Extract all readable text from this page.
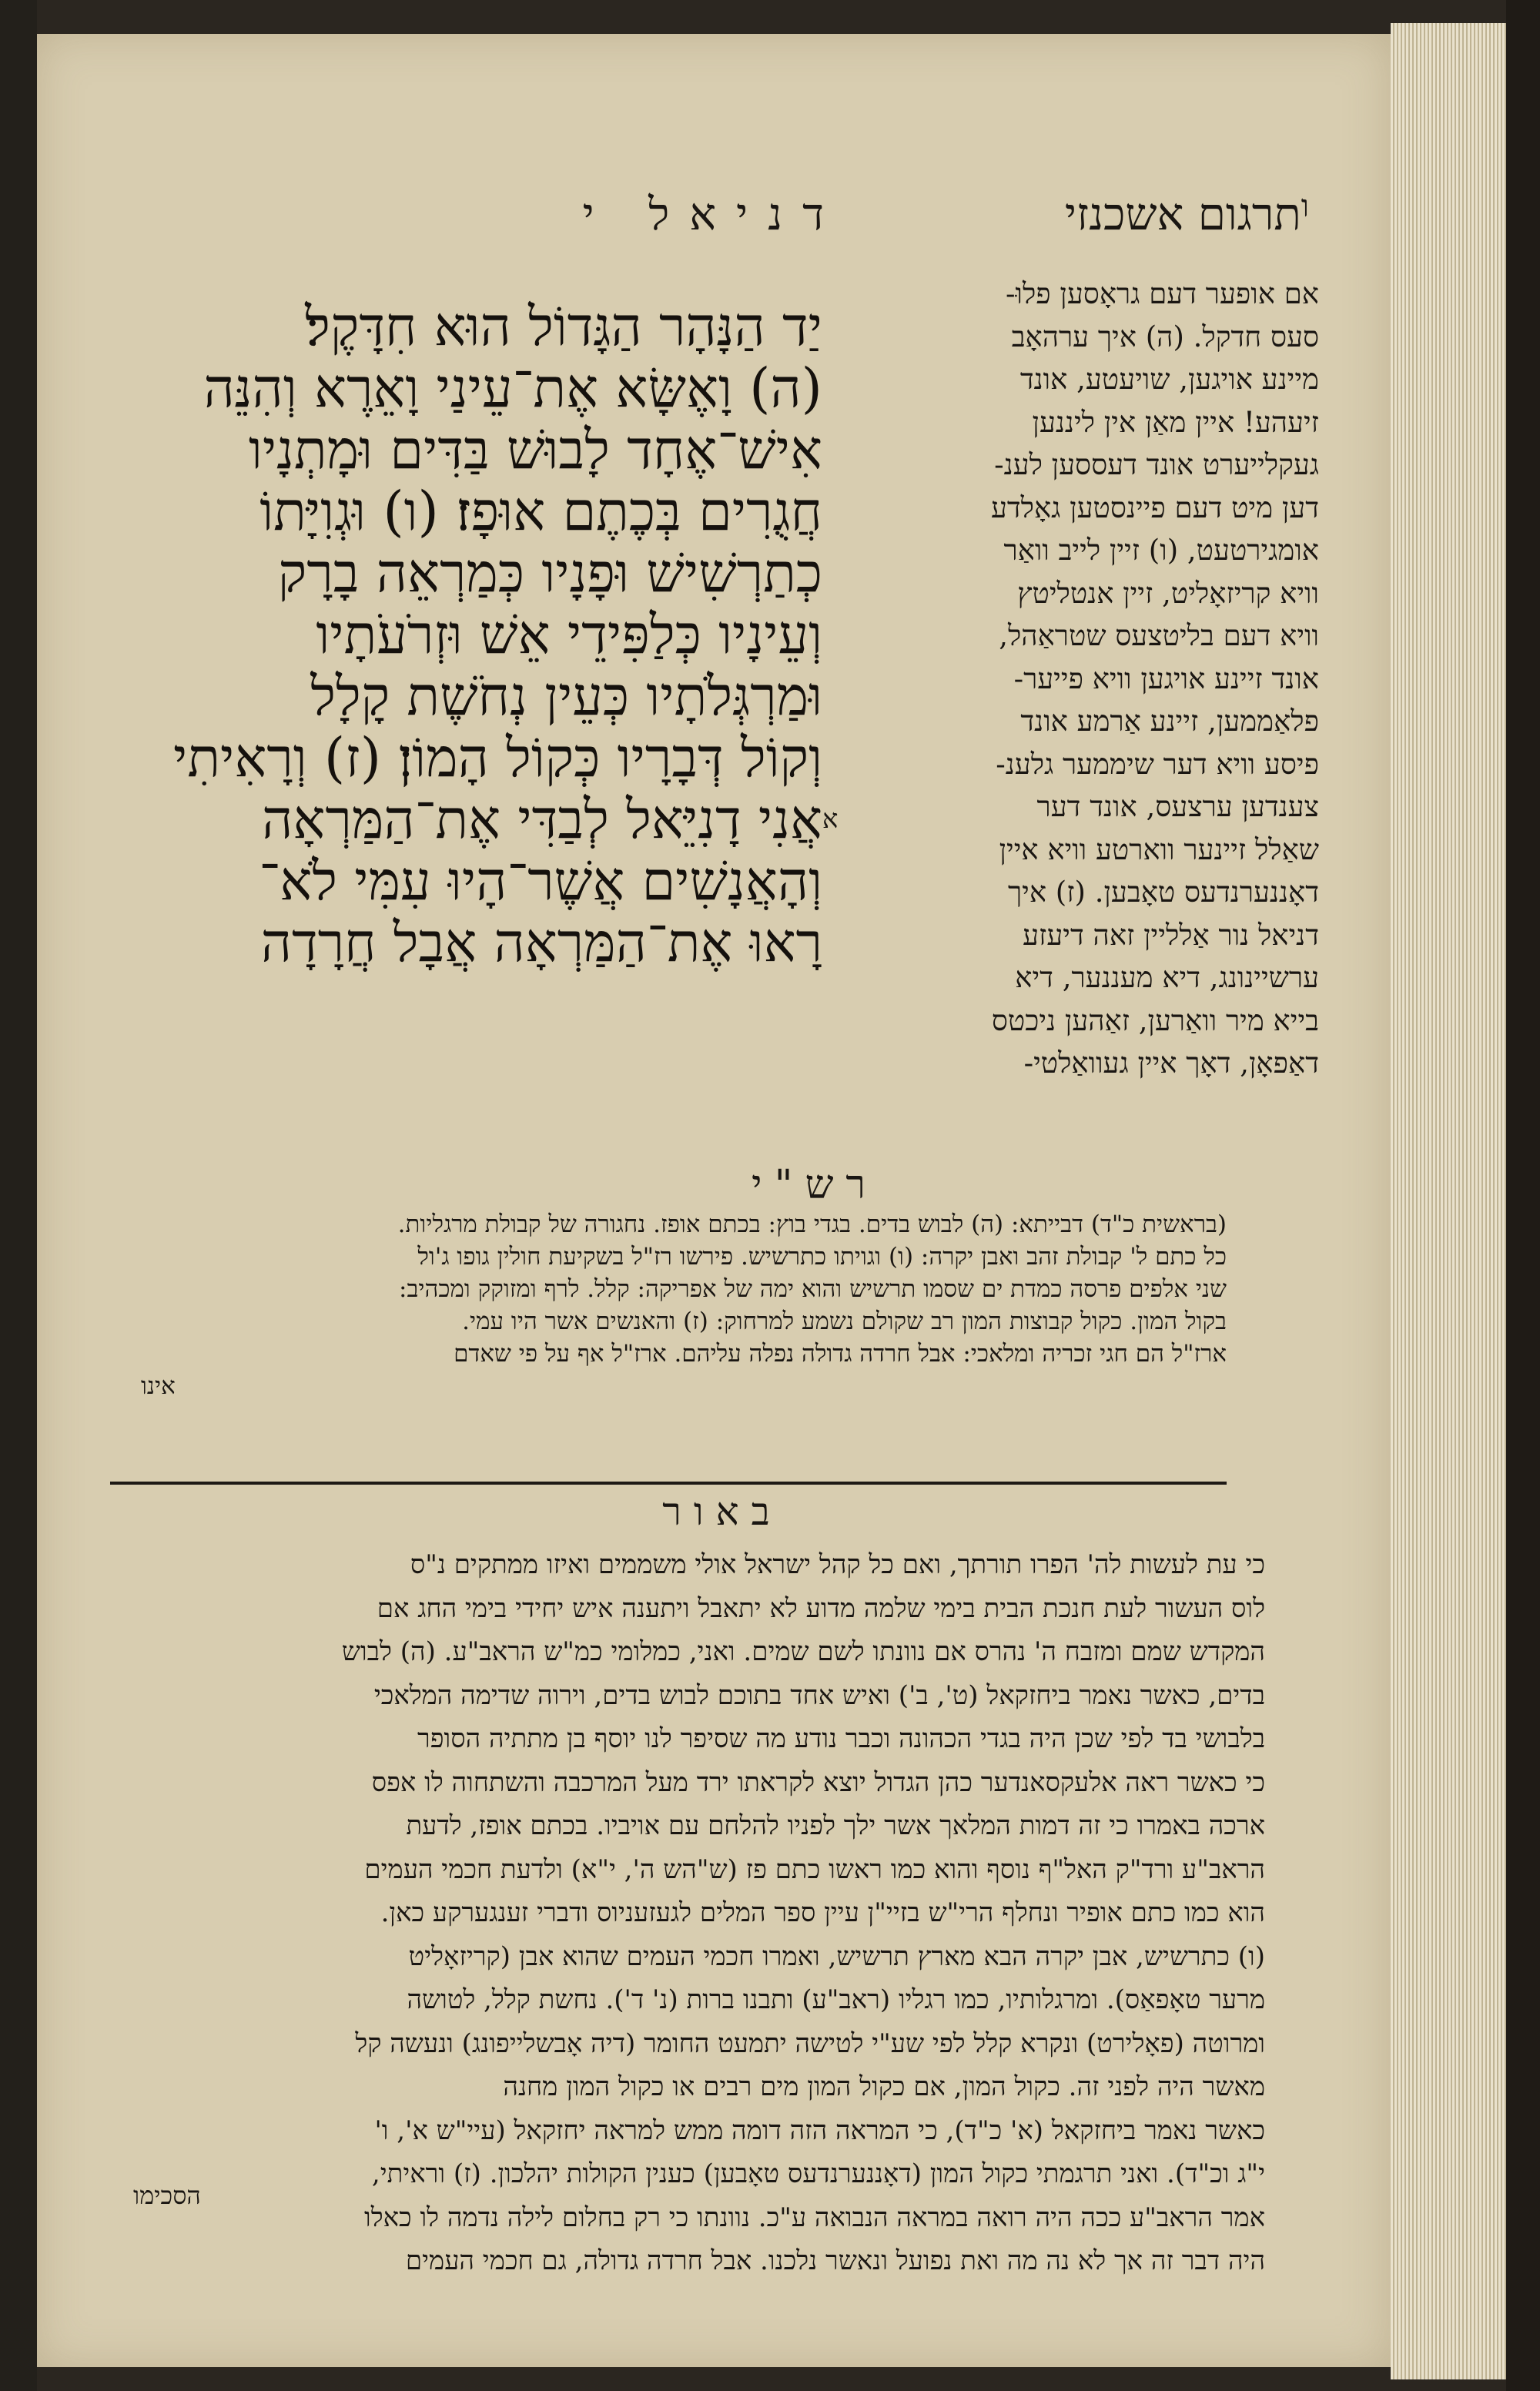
דניאל י	$^ו$תרגום אשכנזי
יַד הַנָּהָר הַגָּדוֹל הוּא חִדָּקֶל׃
(ה) וָאֶשָּׂא אֶת־עֵינַי וָאֵרֶא וְהִנֵּה
אִישׁ־אֶחָד לָבוּשׁ בַּדִּים וּמָתְנָיו
חֲגֻרִים בְּכֶתֶם אוּפָז׃ (ו) וּגְוִיָּתוֹ
כְתַרְשִׁישׁ וּפָנָיו כְּמַרְאֵה בָרָק
וְעֵינָיו כְּלַפִּידֵי אֵשׁ וּזְרֹעֹתָיו
וּמַרְגְּלֹתָיו כְּעֵין נְחֹשֶׁת קָלָל
וְקוֹל דְּבָרָיו כְּקוֹל הָמוֹן׃ (ז) וְרָאִיתִי
אֲנִי דָנִיֵּאל לְבַדִּי אֶת־הַמַּרְאָה
וְהָאֲנָשִׁים אֲשֶׁר־הָיוּ עִמִּי לֹא־
רָאוּ אֶת־הַמַּרְאָה אֲבָל חֲרָדָה
א
אם אופער דעם גראָסען פלוּ-
סעס חדקל. (ה) איך ערהאָב
מיינע אויגען, שויעטע, אונד
זיעהע! איין מאַן אין ליננען
געקלייערט אונד דעססען לענ-
דען מיט דעם פיינסטען גאָלדע
אומגירטעט, (ו) זיין לייב וואַר
וויא קריזאָליט, זיין אנטליטץ
וויא דעם בליטצעס שטראַהל,
אונד זיינע אויגען וויא פייער-
פלאַממען, זיינע אַרמע אונד
פיסע וויא דער שיממער גלענ-
צענדען ערצעס, אונד דער
שאַלל זיינער ווארטע וויא איין
דאָננערנדעס טאָבען. (ז) איך
דניאל נור אַלליין זאה דיעזע
ערשיינונג, דיא מעננער, דיא
בייא מיר וואַרען, זאַהען ניכטס
דאַפאָן, דאָך איין געוואַלטי-
רש"י
(בראשית כ"ד) דבייתא: (ה) לבוש בדים. בגדי בוץ: בכתם אופז. נחגורה של קבולת מרגליות.
כל כתם ל' קבולת זהב ואבן יקרה: (ו) וגויתו כתרשיש. פירשו רז"ל בשקיעת חולין גופו ג'ול
שני אלפים פרסה כמדת ים שסמו תרשיש והוא ימה של אפריקה: קלל. לרף ומזוקק ומכהיב:
בקול המון. כקול קבוצות המון רב שקולם נשמע למרחוק: (ז) והאנשים אשר היו עמי.
ארז"ל הם חגי זכריה ומלאכי: אבל חרדה גדולה נפלה עליהם. ארז"ל אף על פי שאדם
אינו
באור
כי עת לעשות לה' הפרו תורתך, ואם כל קהל ישראל אולי משממים ואיזו ממתקים נ"ס
לוס העשור לעת חנכת הבית בימי שלמה מדוע לא יתאבל ויתענה איש יחידי בימי החג אם
המקדש שמם ומזבח ה' נהרס אם נוונתו לשם שמים. ואני, כמלומי כמ"ש הראב"ע. (ה) לבוש
בדים, כאשר נאמר ביחזקאל (ט', ב') ואיש אחד בתוכם לבוש בדים, וירוה שדימה המלאכי
בלבושי בד לפי שכן היה בגדי הכהונה וכבר נודע מה שסיפר לנו יוסף בן מתתיה הסופר
כי כאשר ראה אלעקסאנדער כהן הגדול יוצא לקראתו ירד מעל המרכבה והשתחוה לו אפס
ארכה באמרו כי זה דמות המלאך אשר ילך לפניו להלחם עם אויביו. בכתם אופז, לדעת
הראב"ע ורד"ק האל"ף נוסף והוא כמו ראשו כתם פז (ש"הש ה', י"א) ולדעת חכמי העמים
הוא כמו כתם אופיר ונחלף הרי"ש בזיי"ן עיין ספר המלים לגעזעניוס ודברי זענגערקע כאן.
(ו) כתרשיש, אבן יקרה הבא מארץ תרשיש, ואמרו חכמי העמים שהוא אבן (קריזאָליט
מרער טאָפאַס). ומרגלותיו, כמו רגליו (ראב"ע) ותבנו ברות (נ' ד'). נחשת קלל, לטושה
ומרוטה (פאָלירט) ונקרא קלל לפי שע"י לטישה יתמעט החומר (דיה אָבשלייפונג) ונעשה קל
מאשר היה לפני זה. כקול המון, אם כקול המון מים רבים או כקול המון מחנה
כאשר נאמר ביחזקאל (א' כ"ד), כי המראה הזה דומה ממש למראה יחזקאל (עיי"ש א', ו'
י"ג וכ"ד). ואני תרגמתי כקול המון (דאָננערנדעס טאָבען) כענין הקולות יהלכון. (ז) וראיתי,
אמר הראב"ע ככה היה רואה במראה הנבואה ע"כ. נוונתו כי רק בחלום לילה נדמה לו כאלו
היה דבר זה אך לא נה מה ואת נפועל ונאשר נלכנו. אבל חרדה גדולה, גם חכמי העמים
הסכימו
